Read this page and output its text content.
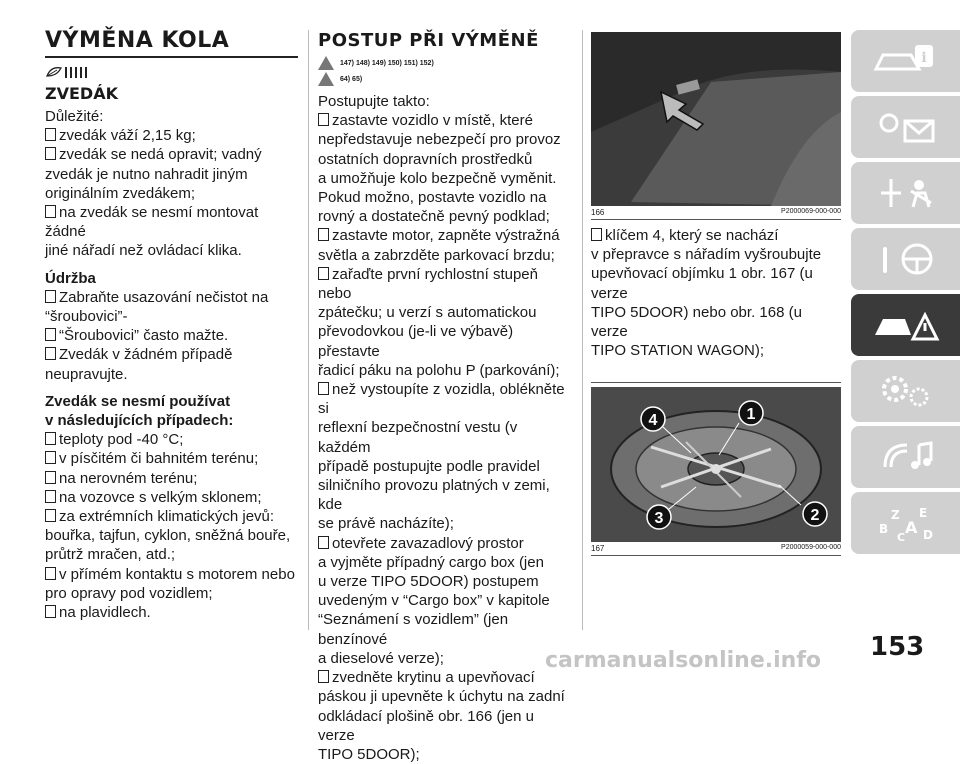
VÝMĚNA KOLA
ZVEDÁK

Důležité:

zvedák váží 2,15 kg;

zvedák se nedá opravit; vadný

zvedák je nutno nahradit jiným

originálním zvedákem;

na zvedák se nesmí montovat žádné

jiné nářadí než ovládací klika.

Údržba

Zabraňte usazování nečistot na

“šroubovici”-

“Šroubovici” často mažte.

Zvedák v žádném případě

neupravujte.

Zvedák se nesmí používat

v následujících případech:

teploty pod -40 °C;

v písčitém či bahnitém terénu;

na nerovném terénu;

na vozovce s velkým sklonem;

za extrémních klimatických jevů:

bouřka, tajfun, cyklon, sněžná bouře,

průtrž mračen, atd.;

v přímém kontaktu s motorem nebo

pro opravy pod vozidlem;

na plavidlech.

POSTUP PŘI VÝMĚNĚ
147) 148) 149) 150) 151) 152)
64) 65)

Postupujte takto:

zastavte vozidlo v místě, které

nepředstavuje nebezpečí pro provoz

ostatních dopravních prostředků

a umožňuje kolo bezpečně vyměnit.

Pokud možno, postavte vozidlo na

rovný a dostatečně pevný podklad;

zastavte motor, zapněte výstražná

světla a zabrzděte parkovací brzdu;

zařaďte první rychlostní stupeň nebo

zpátečku; u verzí s automatickou

převodovkou (je-li ve výbavě) přestavte

řadicí páku na polohu P (parkování);

než vystoupíte z vozidla, oblékněte si

reflexní bezpečnostní vestu (v každém

případě postupujte podle pravidel

silničního provozu platných v zemi, kde

se právě nacházíte);

otevřete zavazadlový prostor

a vyjměte případný cargo box (jen

u verze TIPO 5DOOR) postupem

uvedeným v “Cargo box” v kapitole

“Seznámení s vozidlem” (jen benzínové

a dieselové verze);

zvedněte krytinu a upevňovací

páskou ji upevněte k úchytu na zadní

odkládací plošině obr. 166 (jen u verze

TIPO 5DOOR);

166	P2000069-000-000

klíčem 4, který se nachází

v přepravce s nářadím vyšroubujte

upevňovací objímku 1 obr. 167 (u verze

TIPO 5DOOR) nebo obr. 168 (u verze

TIPO STATION WAGON);

4	1
3	2
167	P2000059-000-000
i
Z E
B A
C D
153
carmanualsonline.info
